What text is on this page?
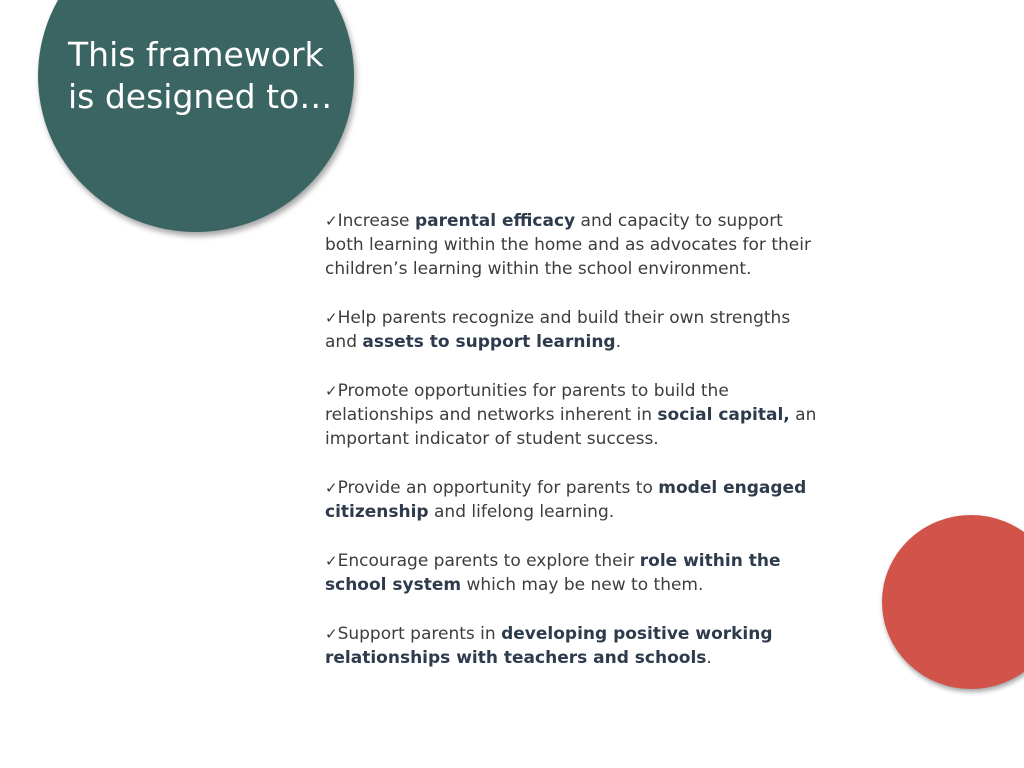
This framework
is designed to…
✓Increase parental efficacy and capacity to support both learning within the home and as advocates for their children’s learning within the school environment.
✓Help parents recognize and build their own strengths and assets to support learning.
✓Promote opportunities for parents to build the relationships and networks inherent in social capital, an important indicator of student success.
✓Provide an opportunity for parents to model engaged citizenship and lifelong learning.
✓Encourage parents to explore their role within the school system which may be new to them.
✓Support parents in developing positive working relationships with teachers and schools.
